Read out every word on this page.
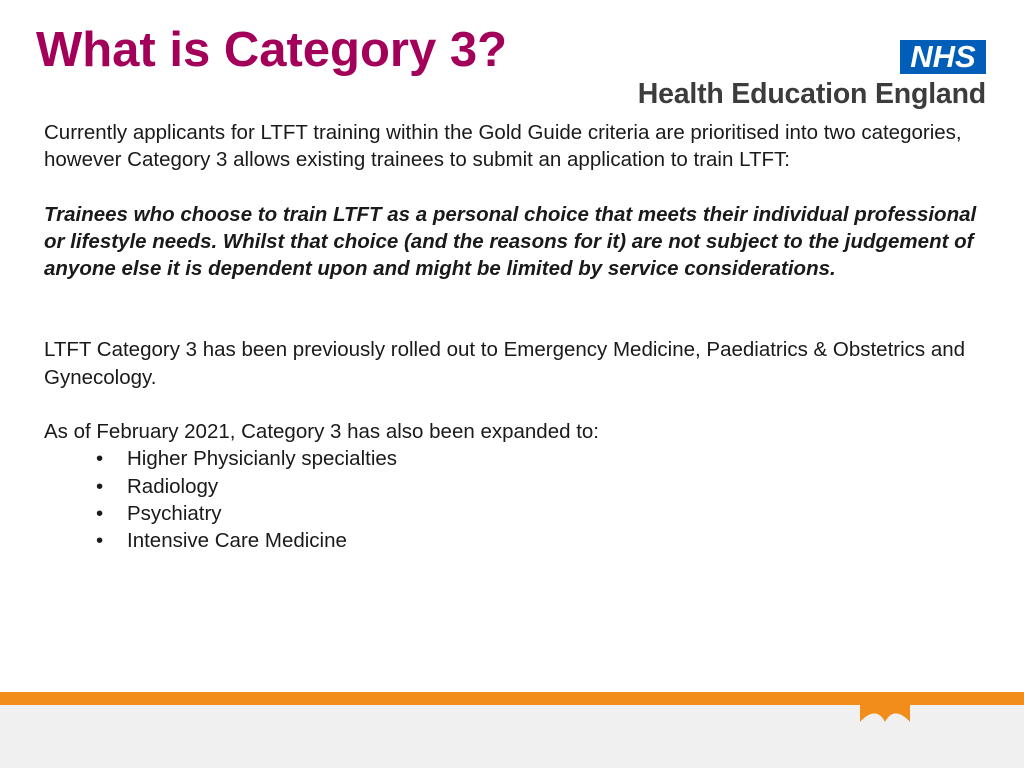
What is Category 3?	NHS
Health Education England

Currently applicants for LTFT training within the Gold Guide criteria are prioritised into two categories, however Category 3 allows existing trainees to submit an application to train LTFT:

Trainees who choose to train LTFT as a personal choice that meets their individual professional or lifestyle needs. Whilst that choice (and the reasons for it) are not subject to the judgement of anyone else it is dependent upon and might be limited by service considerations.

LTFT Category 3 has been previously rolled out to Emergency Medicine, Paediatrics & Obstetrics and Gynecology.

As of February 2021, Category 3 has also been expanded to:

• Higher Physicianly specialties
• Radiology
• Psychiatry
• Intensive Care Medicine
